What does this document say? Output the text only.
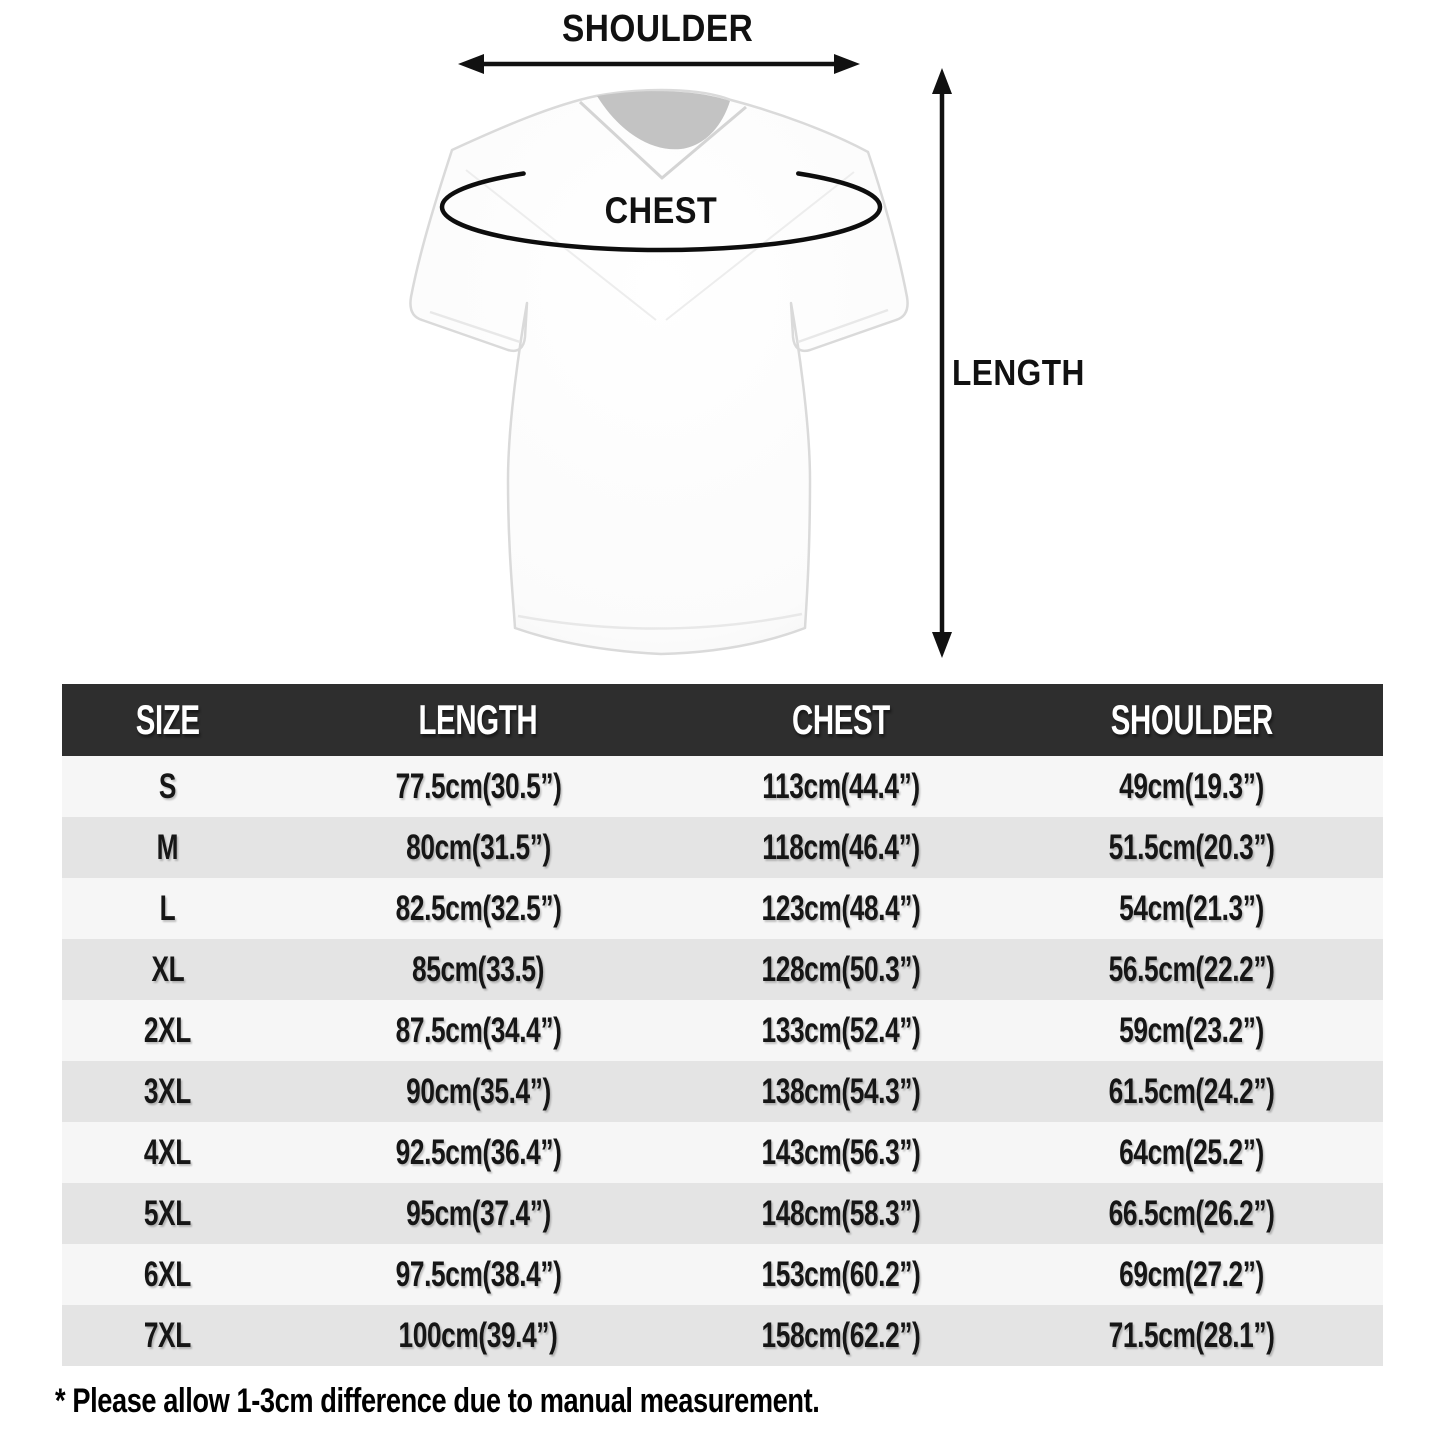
SHOULDER
CHEST
LENGTH
SIZE	LENGTH	CHEST	SHOULDER
S	77.5cm(30.5”)	113cm(44.4”)	49cm(19.3”)
M	80cm(31.5”)	118cm(46.4”)	51.5cm(20.3”)
L	82.5cm(32.5”)	123cm(48.4”)	54cm(21.3”)
XL	85cm(33.5)	128cm(50.3”)	56.5cm(22.2”)
2XL	87.5cm(34.4”)	133cm(52.4”)	59cm(23.2”)
3XL	90cm(35.4”)	138cm(54.3”)	61.5cm(24.2”)
4XL	92.5cm(36.4”)	143cm(56.3”)	64cm(25.2”)
5XL	95cm(37.4”)	148cm(58.3”)	66.5cm(26.2”)
6XL	97.5cm(38.4”)	153cm(60.2”)	69cm(27.2”)
7XL	100cm(39.4”)	158cm(62.2”)	71.5cm(28.1”)
* Please allow 1-3cm difference due to manual measurement.
